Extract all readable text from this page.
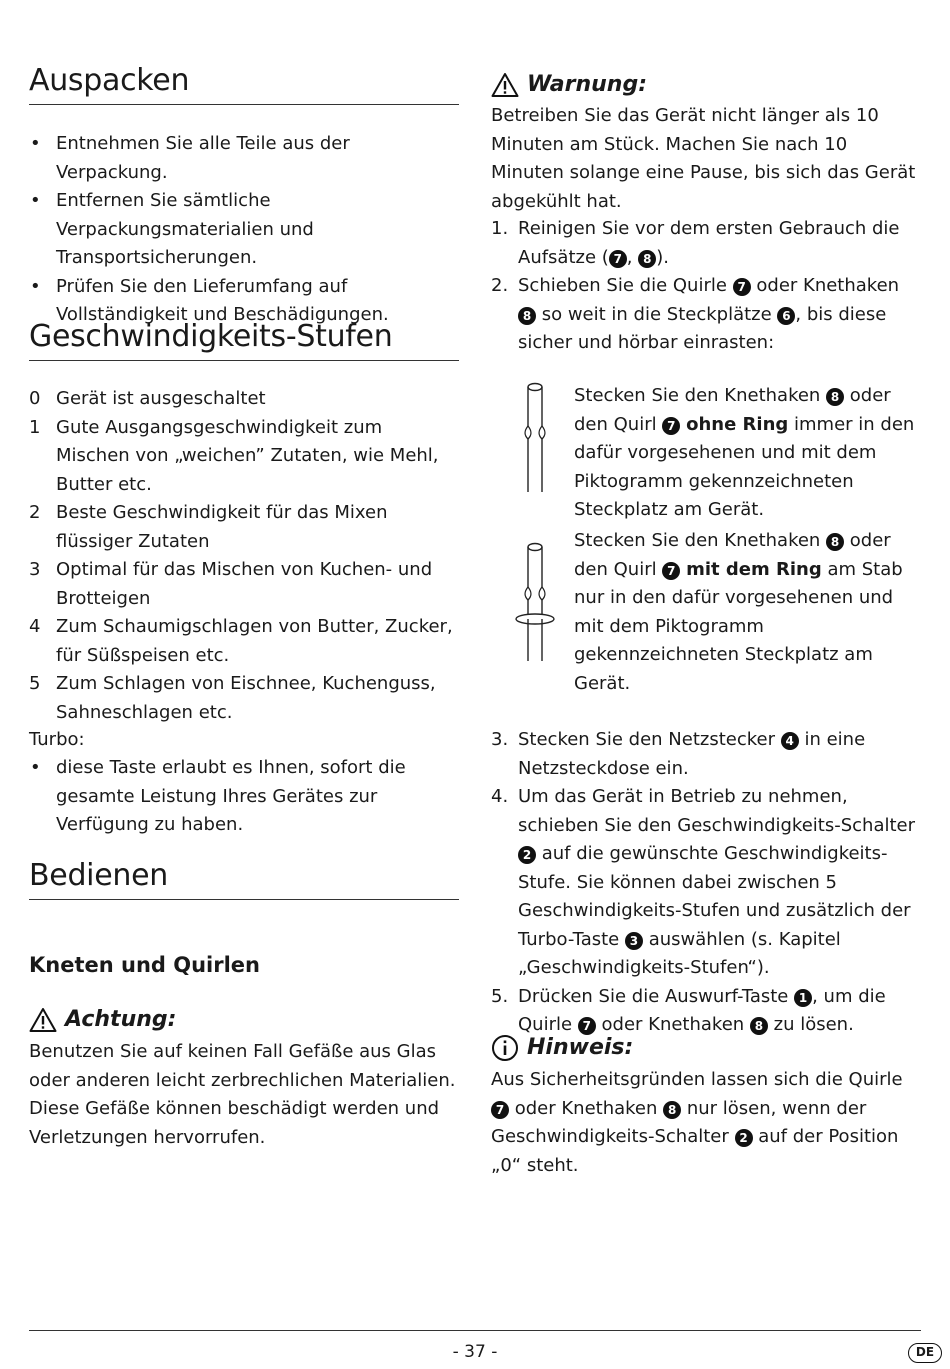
Auspacken
• Entnehmen Sie alle Teile aus der Verpackung.
• Entfernen Sie sämtliche Verpackungsmaterialien und Transportsicherungen.
• Prüfen Sie den Lieferumfang auf Vollständigkeit und Beschädigungen.
Geschwindigkeits-Stufen
0 Gerät ist ausgeschaltet
1 Gute Ausgangsgeschwindigkeit zum Mischen von „weichen” Zutaten, wie Mehl, Butter etc.
2 Beste Geschwindigkeit für das Mixen flüssiger Zutaten
3 Optimal für das Mischen von Kuchen- und Brotteigen
4 Zum Schaumigschlagen von Butter, Zucker, für Süßspeisen etc.
5 Zum Schlagen von Eischnee, Kuchenguss, Sahneschlagen etc.

Turbo:

• diese Taste erlaubt es Ihnen, sofort die gesamte Leistung Ihres Gerätes zur Verfügung zu haben.
Bedienen
Kneten und Quirlen
Achtung:

Benutzen Sie auf keinen Fall Gefäße aus Glas oder anderen leicht zerbrechlichen Materialien. Diese Gefäße können beschädigt werden und Verletzungen hervorrufen.

Warnung:

Betreiben Sie das Gerät nicht länger als 10 Minuten am Stück. Machen Sie nach 10 Minuten solange eine Pause, bis sich das Gerät abgekühlt hat.

1. Reinigen Sie vor dem ersten Gebrauch die Aufsätze ( 7 , 8 ).
2. Schieben Sie die Quirle 7 oder Knethaken 8 so weit in die Steckplätze 6 , bis diese sicher und hörbar einrasten:

Stecken Sie den Knethaken 8 oder den Quirl 7 ohne Ring immer in den dafür vorgesehenen und mit dem Piktogramm gekennzeichneten Steckplatz am Gerät.

Stecken Sie den Knethaken 8 oder den Quirl 7 mit dem Ring am Stab nur in den dafür vorgesehenen und mit dem Piktogramm gekennzeichneten Steckplatz am Gerät.

3. Stecken Sie den Netzstecker 4 in eine Netzsteckdose ein.
4. Um das Gerät in Betrieb zu nehmen, schieben Sie den Geschwindigkeits-Schalter 2 auf die gewünschte Geschwindigkeits-Stufe. Sie können dabei zwischen 5 Geschwindigkeits-Stufen und zusätzlich der Turbo-Taste 3 auswählen (s. Kapitel „Geschwindigkeits-Stufen“).
5. Drücken Sie die Auswurf-Taste 1 , um die Quirle 7 oder Knethaken 8 zu lösen.
Hinweis:

Aus Sicherheitsgründen lassen sich die Quirle 7 oder Knethaken 8 nur lösen, wenn der Geschwindigkeits-Schalter 2 auf der Position „0“ steht.

- 37 -	DE
